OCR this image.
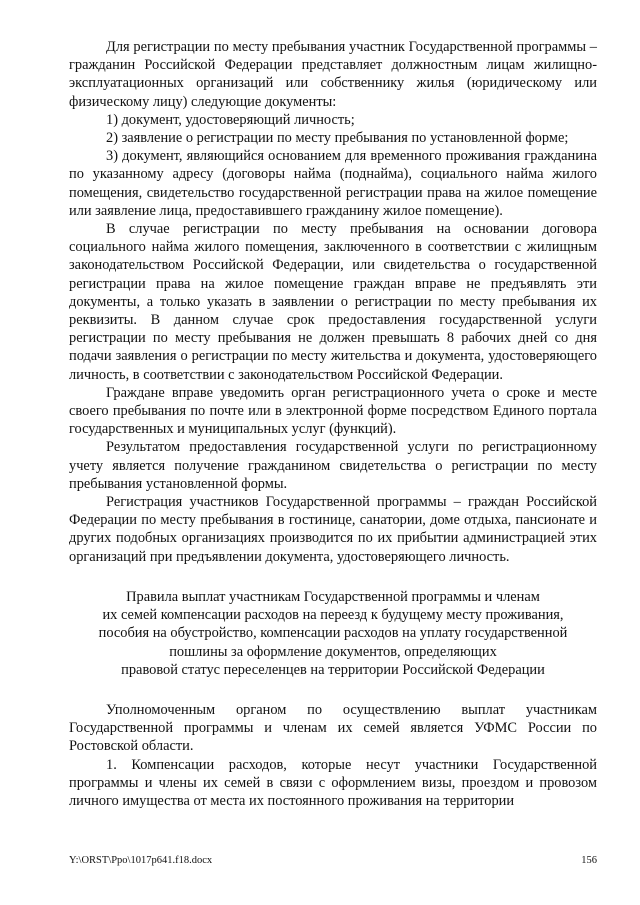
Для регистрации по месту пребывания участник Государственной программы – гражданин Российской Федерации представляет должностным лицам жилищно-эксплуатационных организаций или собственнику жилья (юридическому или физическому лицу) следующие документы:

1) документ, удостоверяющий личность;

2) заявление о регистрации по месту пребывания по установленной форме;

3) документ, являющийся основанием для временного проживания гражданина по указанному адресу (договоры найма (поднайма), социального найма жилого помещения, свидетельство государственной регистрации права на жилое помещение или заявление лица, предоставившего гражданину жилое помещение).

В случае регистрации по месту пребывания на основании договора социального найма жилого помещения, заключенного в соответствии с жилищным законодательством Российской Федерации, или свидетельства о государственной регистрации права на жилое помещение граждан вправе не предъявлять эти документы, а только указать в заявлении о регистрации по месту пребывания их реквизиты. В данном случае срок предоставления государственной услуги регистрации по месту пребывания не должен превышать 8 рабочих дней со дня подачи заявления о регистрации по месту жительства и документа, удостоверяющего личность, в соответствии с законодательством Российской Федерации.

Граждане вправе уведомить орган регистрационного учета о сроке и месте своего пребывания по почте или в электронной форме посредством Единого портала государственных и муниципальных услуг (функций).

Результатом предоставления государственной услуги по регистрационному учету является получение гражданином свидетельства о регистрации по месту пребывания установленной формы.

Регистрация участников Государственной программы – граждан Российской Федерации по месту пребывания в гостинице, санатории, доме отдыха, пансионате и других подобных организациях производится по их прибытии администрацией этих организаций при предъявлении документа, удостоверяющего личность.

Правила выплат участникам Государственной программы и членам
их семей компенсации расходов на переезд к будущему месту проживания,
пособия на обустройство, компенсации расходов на уплату государственной
пошлины за оформление документов, определяющих
правовой статус переселенцев на территории Российской Федерации

Уполномоченным органом по осуществлению выплат участникам Государственной программы и членам их семей является УФМС России по Ростовской области.

1. Компенсации расходов, которые несут участники Государственной программы и члены их семей в связи с оформлением визы, проездом и провозом личного имущества от места их постоянного проживания на территории

Y:\ORST\Ppo\1017p641.f18.docx	156
